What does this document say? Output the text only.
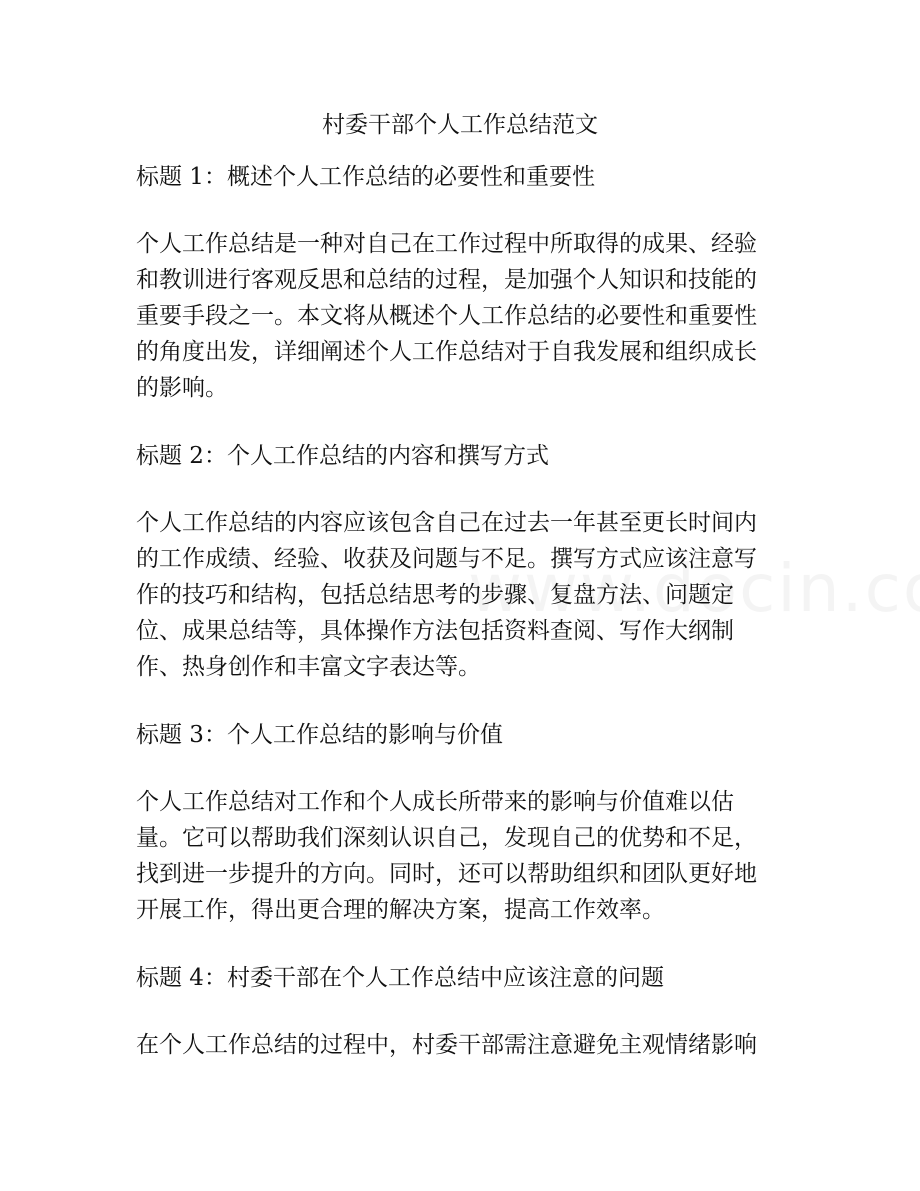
村委干部个人工作总结范文
标题 1：概述个人工作总结的必要性和重要性
个人工作总结是一种对自己在工作过程中所取得的成果、经验
和教训进行客观反思和总结的过程，是加强个人知识和技能的
重要手段之一。本文将从概述个人工作总结的必要性和重要性
的角度出发，详细阐述个人工作总结对于自我发展和组织成长
的影响。
标题 2：个人工作总结的内容和撰写方式
个人工作总结的内容应该包含自己在过去一年甚至更长时间内
的工作成绩、经验、收获及问题与不足。撰写方式应该注意写
作的技巧和结构，包括总结思考的步骤、复盘方法、问题定
位、成果总结等，具体操作方法包括资料查阅、写作大纲制
作、热身创作和丰富文字表达等。
标题 3：个人工作总结的影响与价值
个人工作总结对工作和个人成长所带来的影响与价值难以估
量。它可以帮助我们深刻认识自己，发现自己的优势和不足，
找到进一步提升的方向。同时，还可以帮助组织和团队更好地
开展工作，得出更合理的解决方案，提高工作效率。
标题 4：村委干部在个人工作总结中应该注意的问题
在个人工作总结的过程中，村委干部需注意避免主观情绪影响
